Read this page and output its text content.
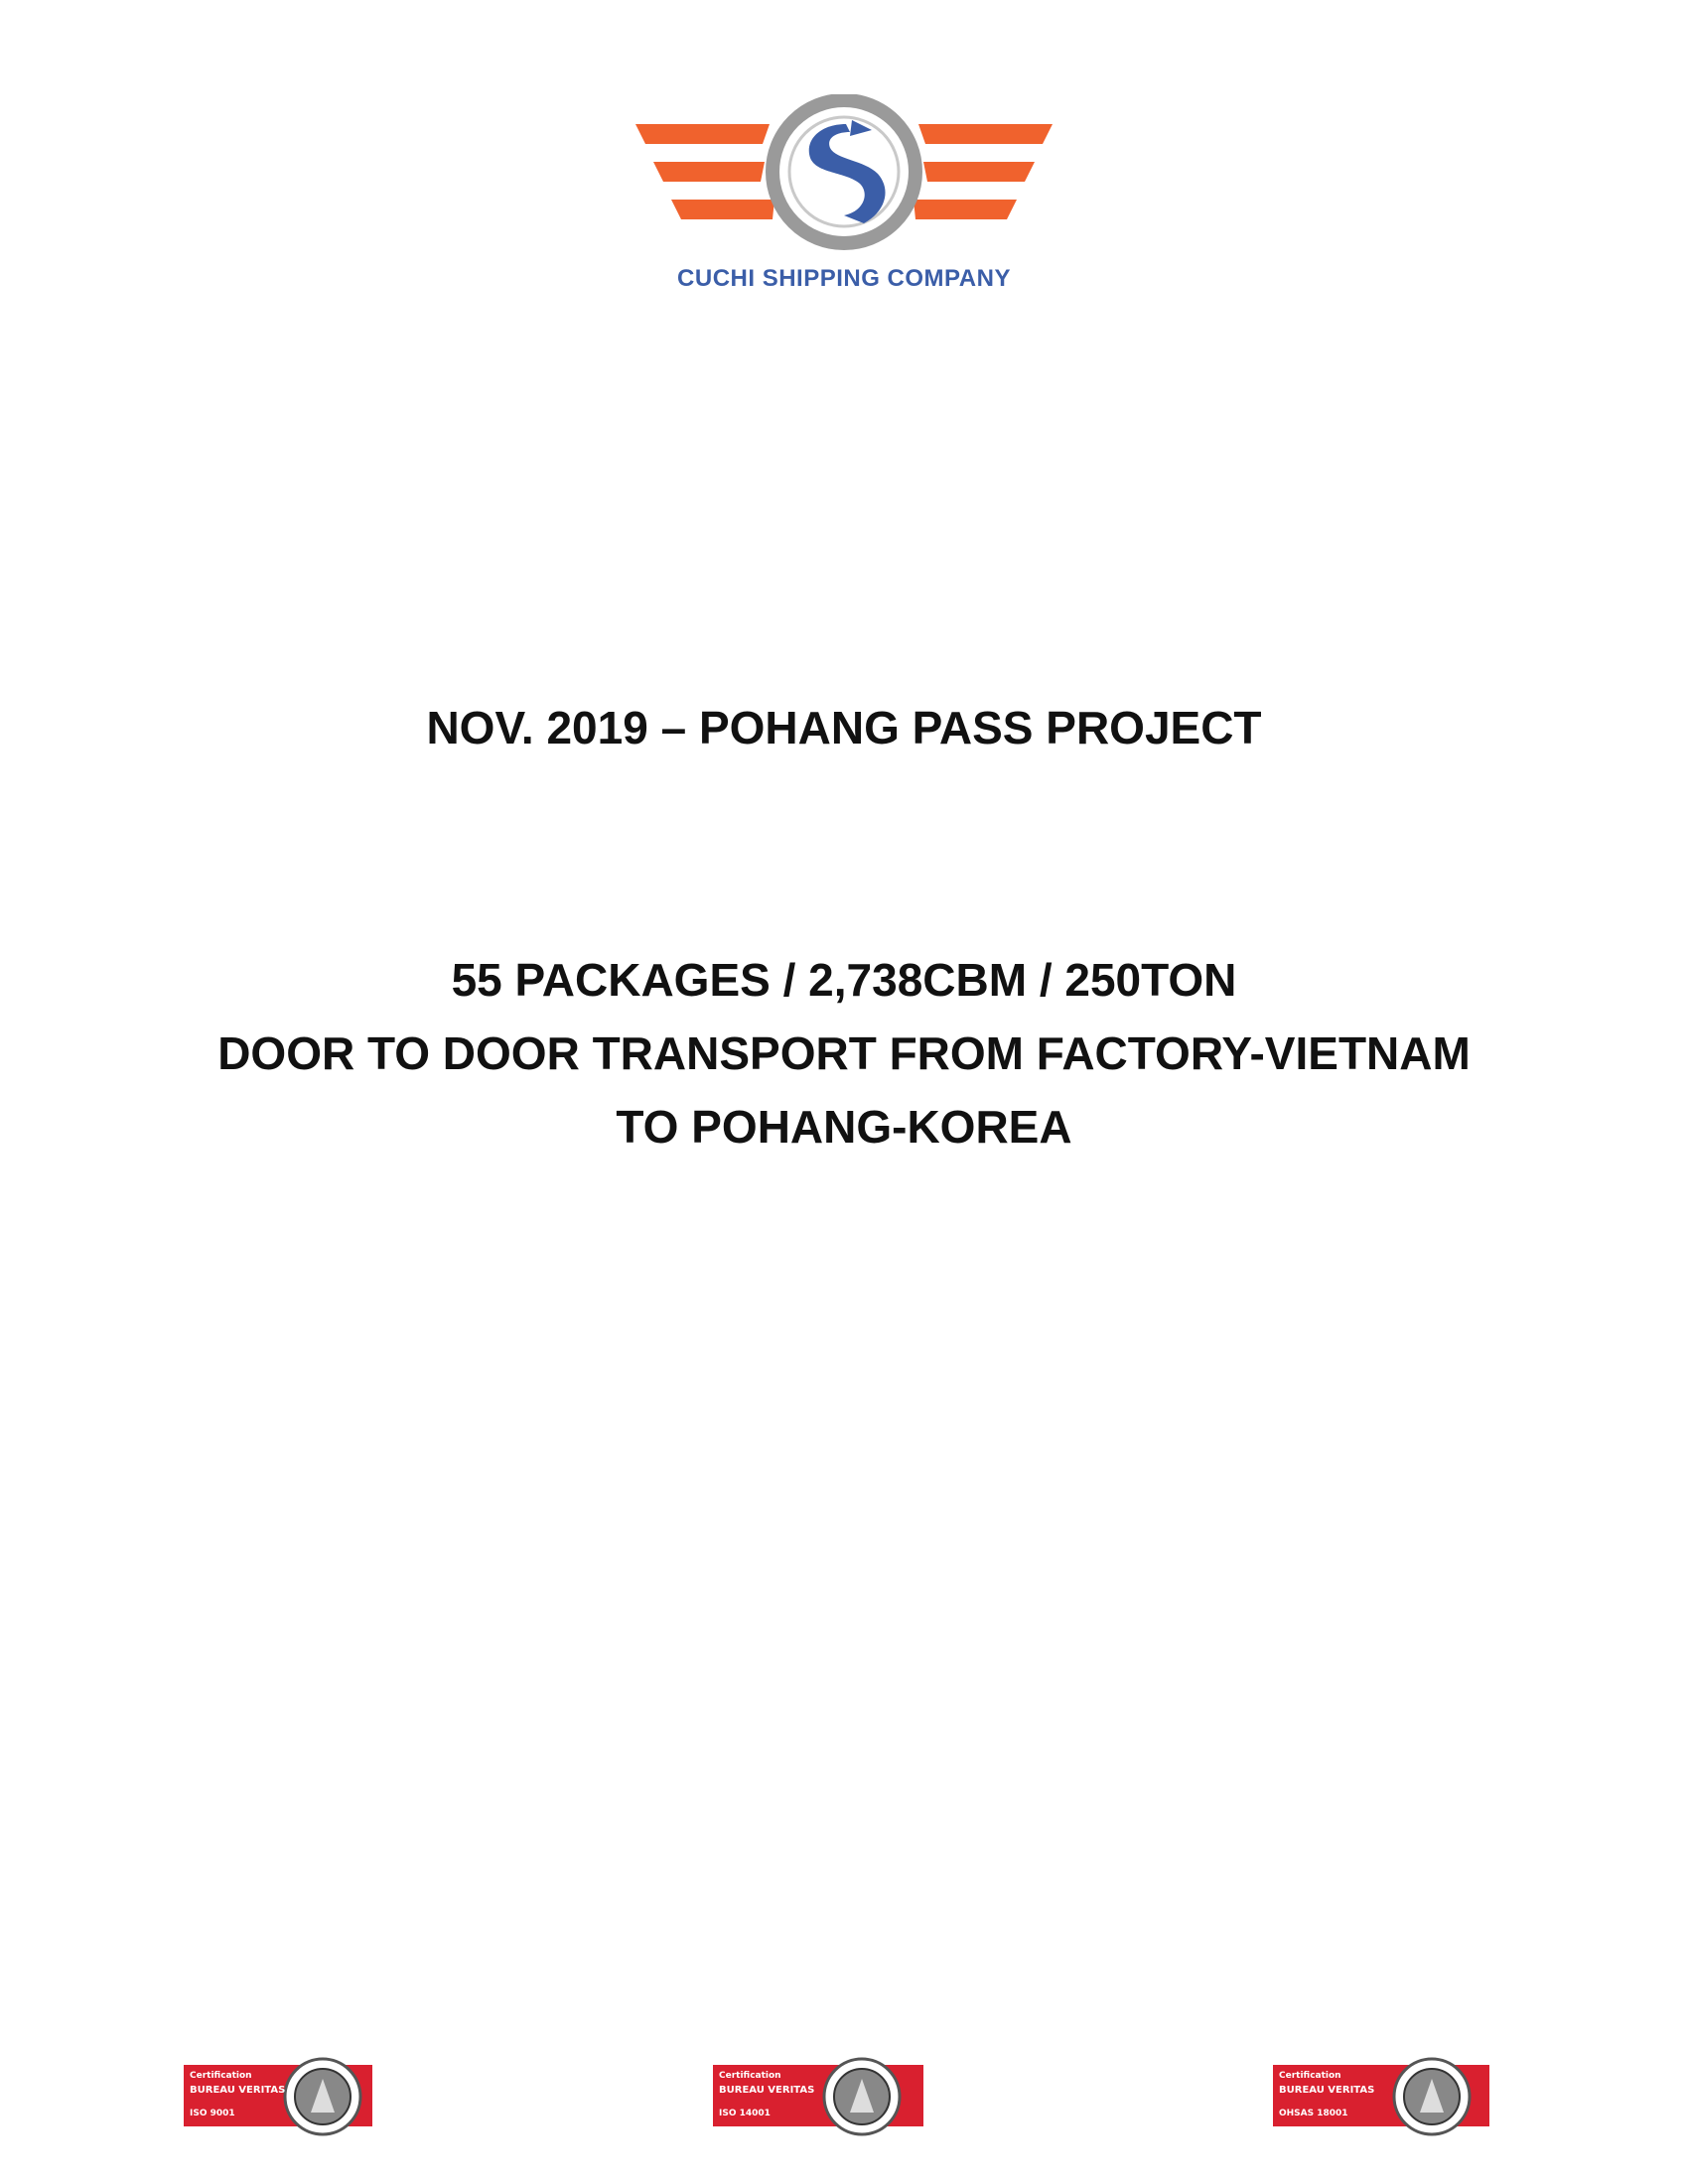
CUCHI SHIPPING COMPANY
NOV. 2019 – POHANG PASS PROJECT
55 PACKAGES / 2,738CBM / 250TON
DOOR TO DOOR TRANSPORT FROM FACTORY-VIETNAM
TO POHANG-KOREA
Certification
BUREAU VERITAS
ISO 9001
Certification
BUREAU VERITAS
ISO 14001
Certification
BUREAU VERITAS
OHSAS 18001
